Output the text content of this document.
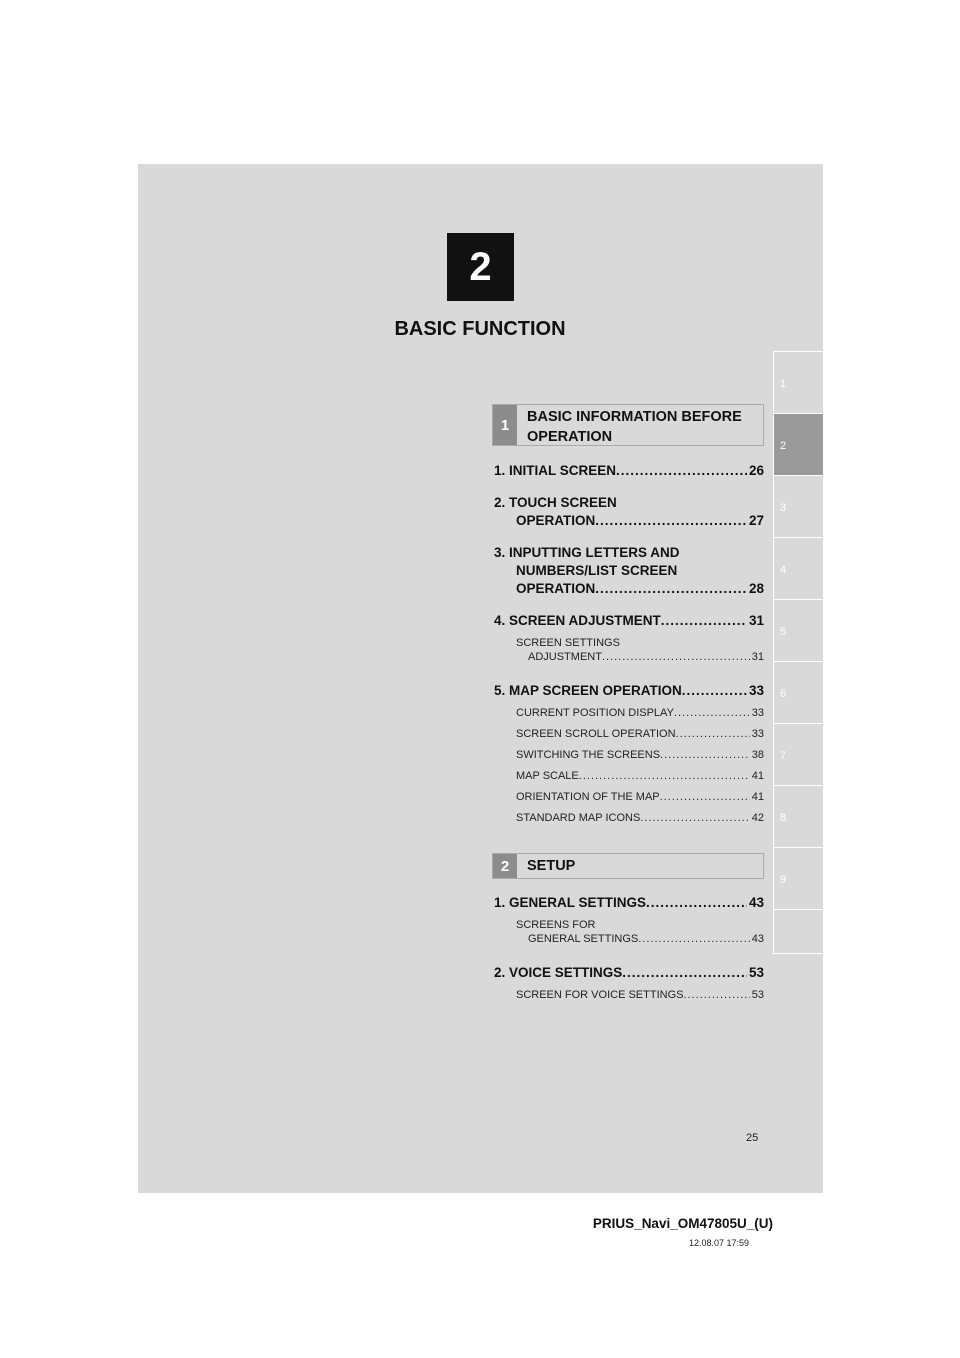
2
BASIC FUNCTION
1
2
3
4
5
6
7
8
9
1	BASIC INFORMATION BEFORE
OPERATION
1. INITIAL SCREEN .....	26
2. TOUCH SCREEN
OPERATION .....	27
3. INPUTTING LETTERS AND
NUMBERS/LIST SCREEN
OPERATION .....	28
4. SCREEN ADJUSTMENT .....	31
SCREEN SETTINGS
ADJUSTMENT .....	31
5. MAP SCREEN OPERATION .....	33
CURRENT POSITION DISPLAY .....	33
SCREEN SCROLL OPERATION .....	33
SWITCHING THE SCREENS .....	38
MAP SCALE .....	41
ORIENTATION OF THE MAP .....	41
STANDARD MAP ICONS .....	42
2	SETUP
1. GENERAL SETTINGS .....	43
SCREENS FOR
GENERAL SETTINGS .....	43
2. VOICE SETTINGS .....	53
SCREEN FOR VOICE SETTINGS .....	53
25
PRIUS_Navi_OM47805U_(U)
12.08.07 17:59
